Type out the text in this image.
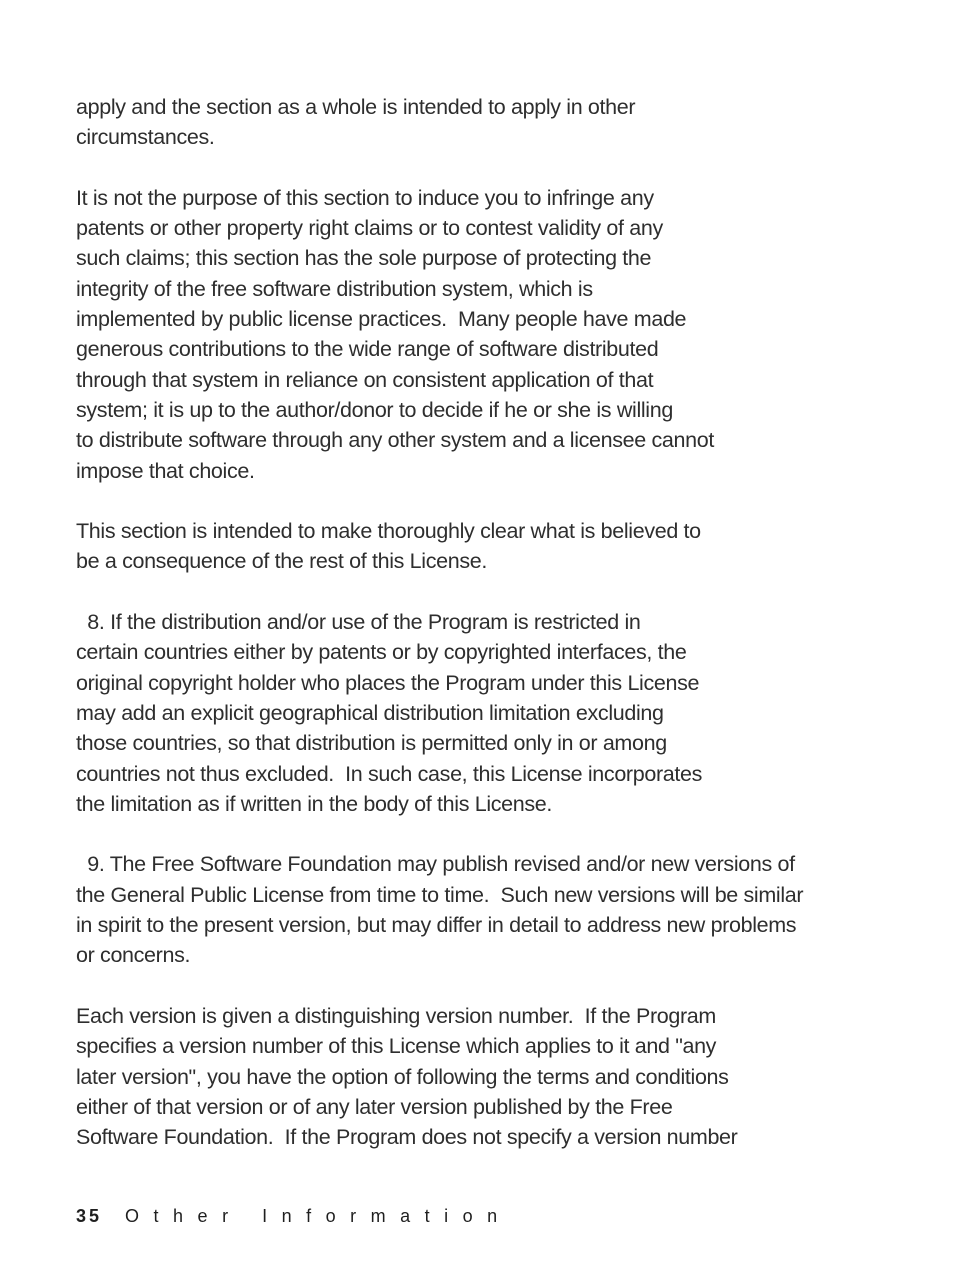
apply and the section as a whole is intended to apply in other
circumstances.

It is not the purpose of this section to induce you to infringe any
patents or other property right claims or to contest validity of any
such claims; this section has the sole purpose of protecting the
integrity of the free software distribution system, which is
implemented by public license practices.  Many people have made
generous contributions to the wide range of software distributed
through that system in reliance on consistent application of that
system; it is up to the author/donor to decide if he or she is willing
to distribute software through any other system and a licensee cannot
impose that choice.

This section is intended to make thoroughly clear what is believed to
be a consequence of the rest of this License.

8. If the distribution and/or use of the Program is restricted in
certain countries either by patents or by copyrighted interfaces, the
original copyright holder who places the Program under this License
may add an explicit geographical distribution limitation excluding
those countries, so that distribution is permitted only in or among
countries not thus excluded.  In such case, this License incorporates
the limitation as if written in the body of this License.

9. The Free Software Foundation may publish revised and/or new versions of
the General Public License from time to time.  Such new versions will be similar
in spirit to the present version, but may differ in detail to address new problems
or concerns.

Each version is given a distinguishing version number.  If the Program
specifies a version number of this License which applies to it and "any
later version", you have the option of following the terms and conditions
either of that version or of any later version published by the Free
Software Foundation.  If the Program does not specify a version number

35 Other Information
